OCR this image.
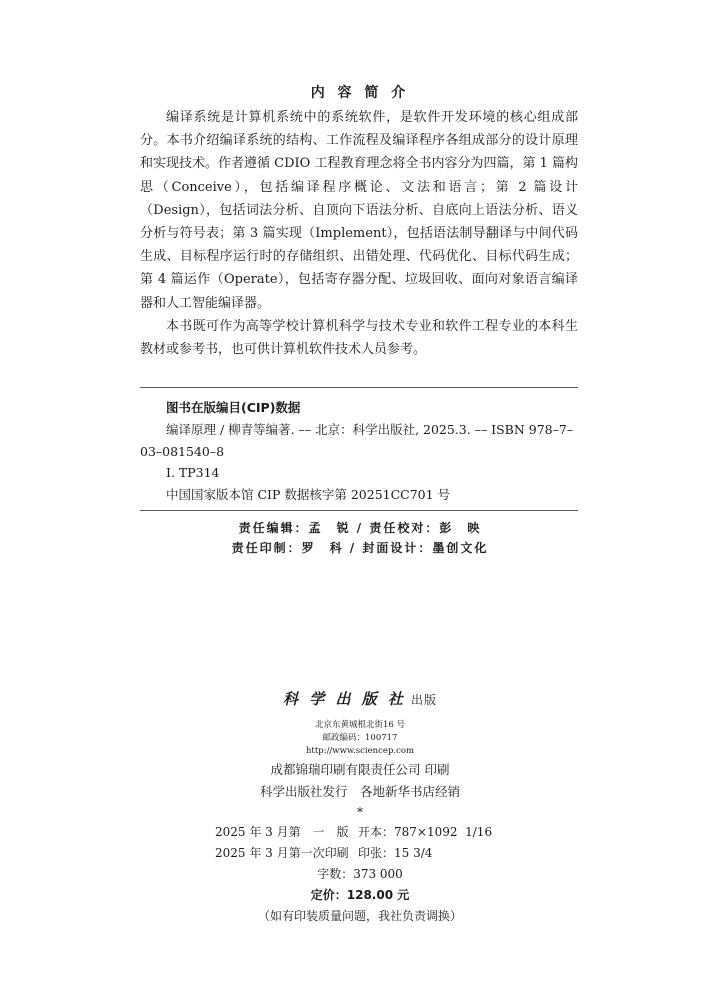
内 容 简 介

编译系统是计算机系统中的系统软件，是软件开发环境的核心组成部分。本书介绍编译系统的结构、工作流程及编译程序各组成部分的设计原理和实现技术。作者遵循 CDIO 工程教育理念将全书内容分为四篇，第 1 篇构思（Conceive），包括编译程序概论、文法和语言；第 2 篇设计（Design），包括词法分析、自顶向下语法分析、自底向上语法分析、语义分析与符号表；第 3 篇实现（Implement），包括语法制导翻译与中间代码生成、目标程序运行时的存储组织、出错处理、代码优化、目标代码生成；第 4 篇运作（Operate），包括寄存器分配、垃圾回收、面向对象语言编译器和人工智能编译器。

本书既可作为高等学校计算机科学与技术专业和软件工程专业的本科生教材或参考书，也可供计算机软件技术人员参考。

图书在版编目(CIP)数据
编译原理 / 柳青等编著. –– 北京：科学出版社, 2025.3. –– ISBN 978–7–03–081540–8
Ⅰ. TP314
中国国家版本馆 CIP 数据核字第 20251CC701 号
责任编辑：孟　锐 / 责任校对：彭　映
责任印制：罗　科 / 封面设计：墨创文化
科 学 出 版 社 出版
北京东黄城根北街16 号
邮政编码：100717
http://www.sciencep.com
成都锦瑞印刷有限责任公司 印刷
科学出版社发行　各地新华书店经销
*
2025 年 3 月第　一　版 开本：787×1092  1/16
2025 年 3 月第一次印刷 印张：15 3/4
字数：373 000
定价：128.00 元
（如有印装质量问题，我社负责调换）
